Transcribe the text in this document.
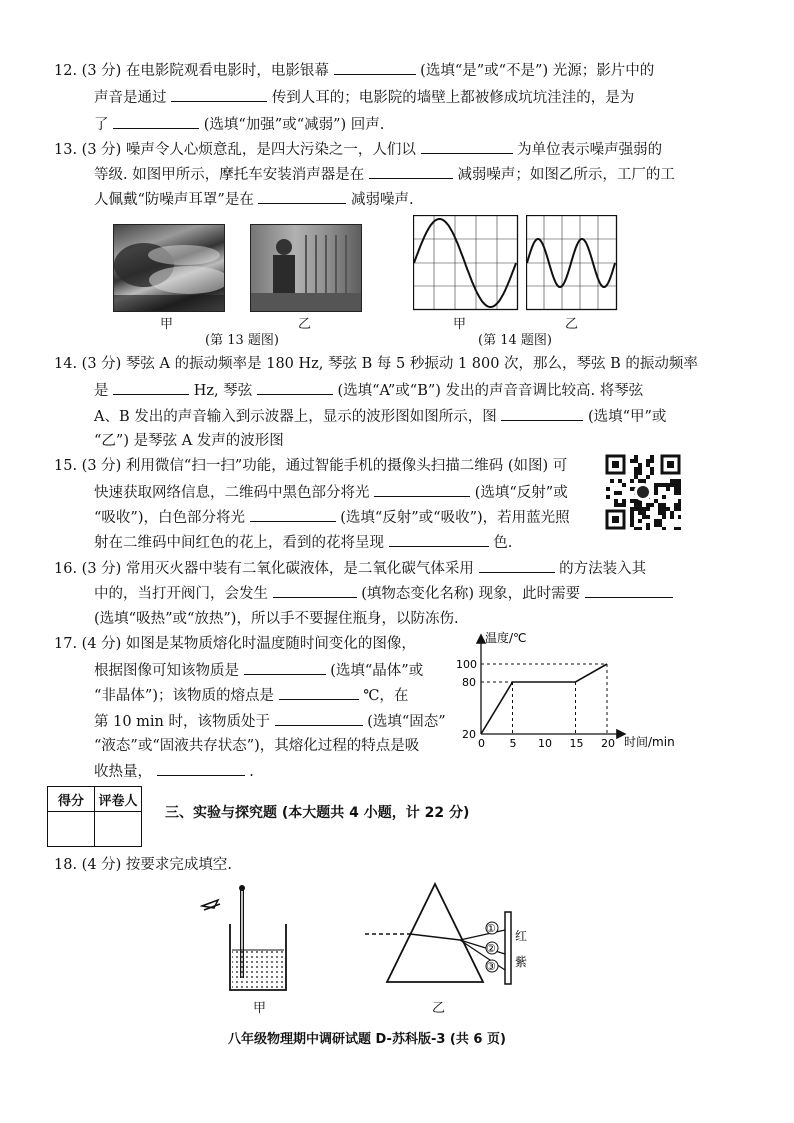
12. (3 分) 在电影院观看电影时，电影银幕	(选填“是”或“不是”) 光源；影片中的
声音是通过	传到人耳的；电影院的墙壁上都被修成坑坑洼洼的，是为
了	(选填“加强”或“减弱”) 回声.
13. (3 分) 噪声令人心烦意乱，是四大污染之一，人们以	为单位表示噪声强弱的
等级. 如图甲所示，摩托车安装消声器是在	减弱噪声；如图乙所示，工厂的工
人佩戴“防噪声耳罩”是在	减弱噪声.
甲	乙
(第 13 题图)
甲	乙
(第 14 题图)
14. (3 分) 琴弦 A 的振动频率是 180 Hz, 琴弦 B 每 5 秒振动 1 800 次，那么，琴弦 B 的振动频率
是	Hz, 琴弦	(选填“A”或“B”) 发出的声音音调比较高. 将琴弦
A、B 发出的声音输入到示波器上，显示的波形图如图所示，图	(选填“甲”或
“乙”) 是琴弦 A 发声的波形图
15. (3 分) 利用微信“扫一扫”功能，通过智能手机的摄像头扫描二维码 (如图) 可
快速获取网络信息，二维码中黑色部分将光	(选填“反射”或
“吸收”)，白色部分将光	(选填“反射”或“吸收”)，若用蓝光照
射在二维码中间红色的花上，看到的花将呈现	色.
16. (3 分) 常用灭火器中装有二氧化碳液体，是二氧化碳气体采用	的方法装入其
中的，当打开阀门，会发生	(填物态变化名称) 现象，此时需要
(选填“吸热”或“放热”)，所以手不要握住瓶身，以防冻伤.
17. (4 分) 如图是某物质熔化时温度随时间变化的图像，
根据图像可知该物质是	(选填“晶体”或
“非晶体”)；该物质的熔点是	℃，在
第 10 min 时，该物质处于	(选填“固态”
“液态”或“固液共存状态”)，其熔化过程的特点是吸
收热量，	.
温度/℃
时间/min
0 5 10 15 20
20
80
100
得分	评卷人

三、实验与探究题 (本大题共 4 小题，计 22 分)
18. (4 分) 按要求完成填空.
甲
①
②
③
红
紫
乙
八年级物理期中调研试题 D-苏科版-3 (共 6 页)
